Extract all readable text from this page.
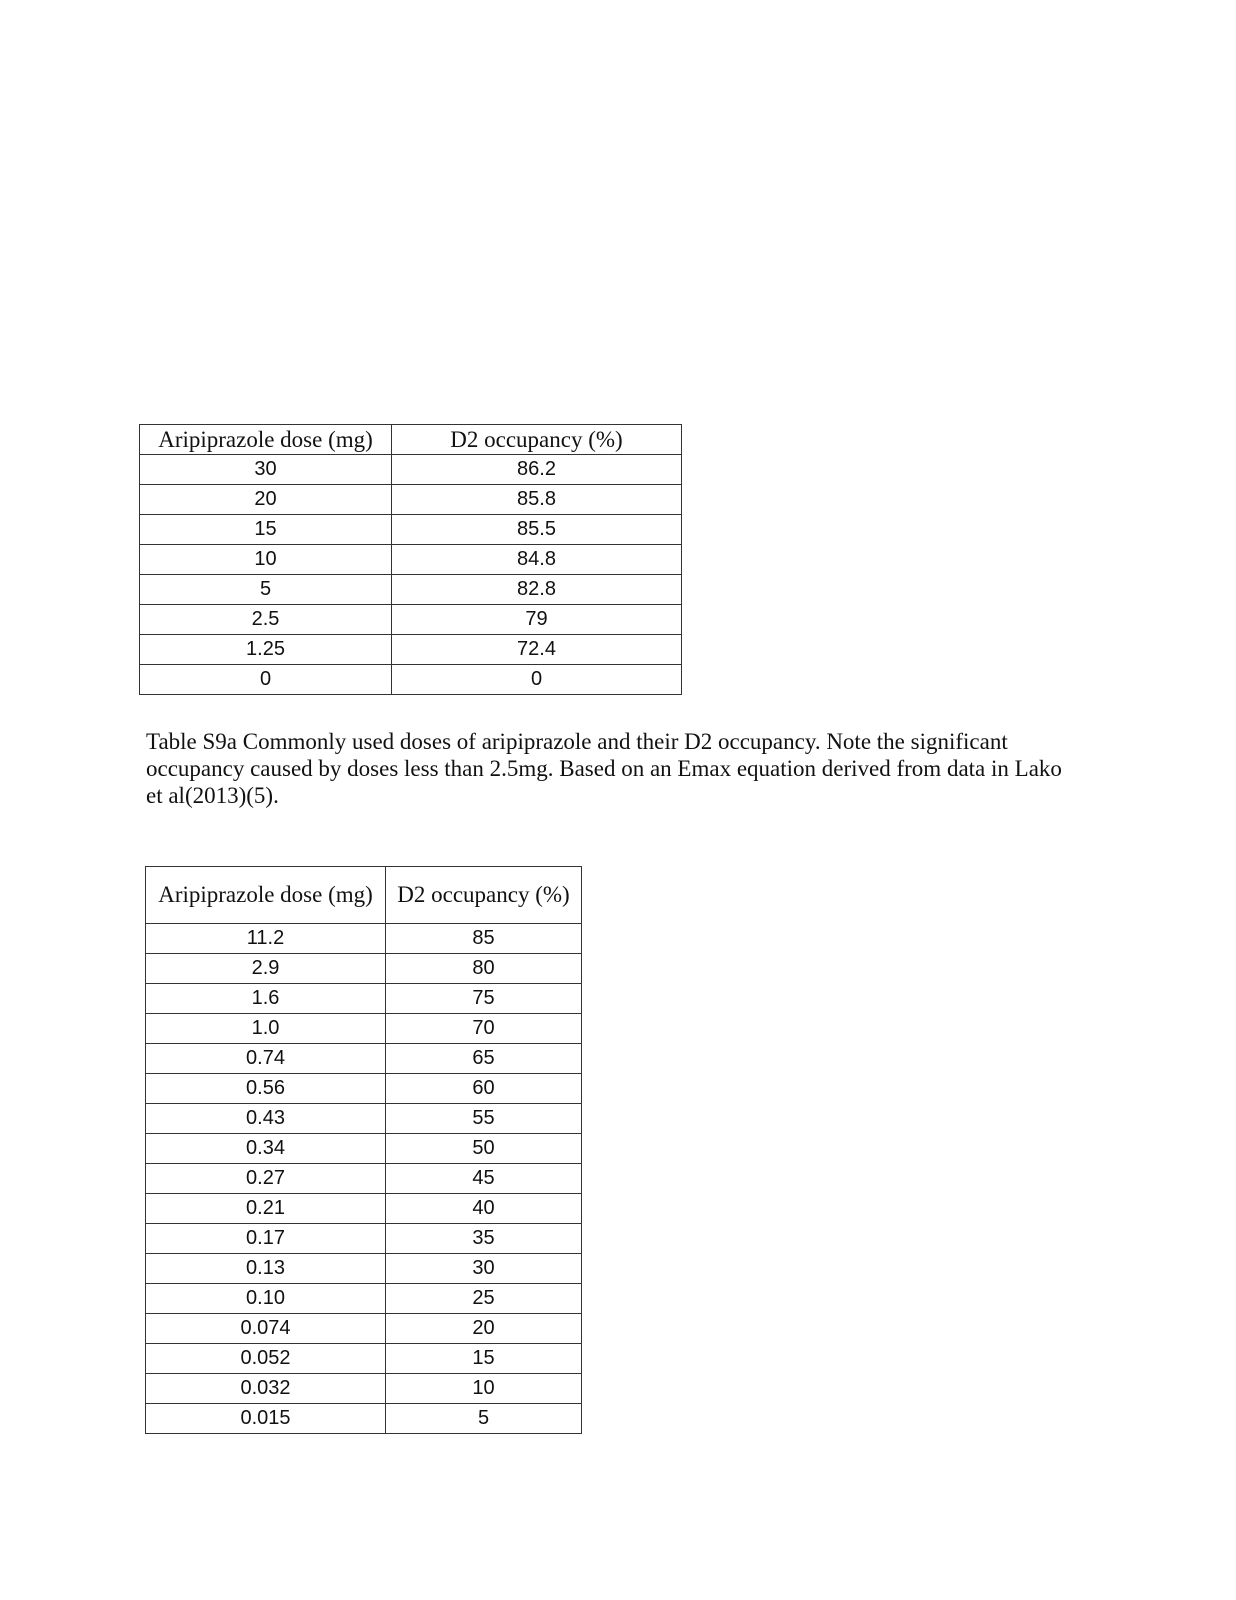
Aripiprazole dose (mg)	D2 occupancy (%)
30	86.2
20	85.8
15	85.5
10	84.8
5	82.8
2.5	79
1.25	72.4
0	0

Table S9a Commonly used doses of aripiprazole and their D2 occupancy. Note the significant occupancy caused by doses less than 2.5mg. Based on an Emax equation derived from data in Lako et al(2013)(5).

Aripiprazole dose (mg)	D2 occupancy (%)
11.2	85
2.9	80
1.6	75
1.0	70
0.74	65
0.56	60
0.43	55
0.34	50
0.27	45
0.21	40
0.17	35
0.13	30
0.10	25
0.074	20
0.052	15
0.032	10
0.015	5
